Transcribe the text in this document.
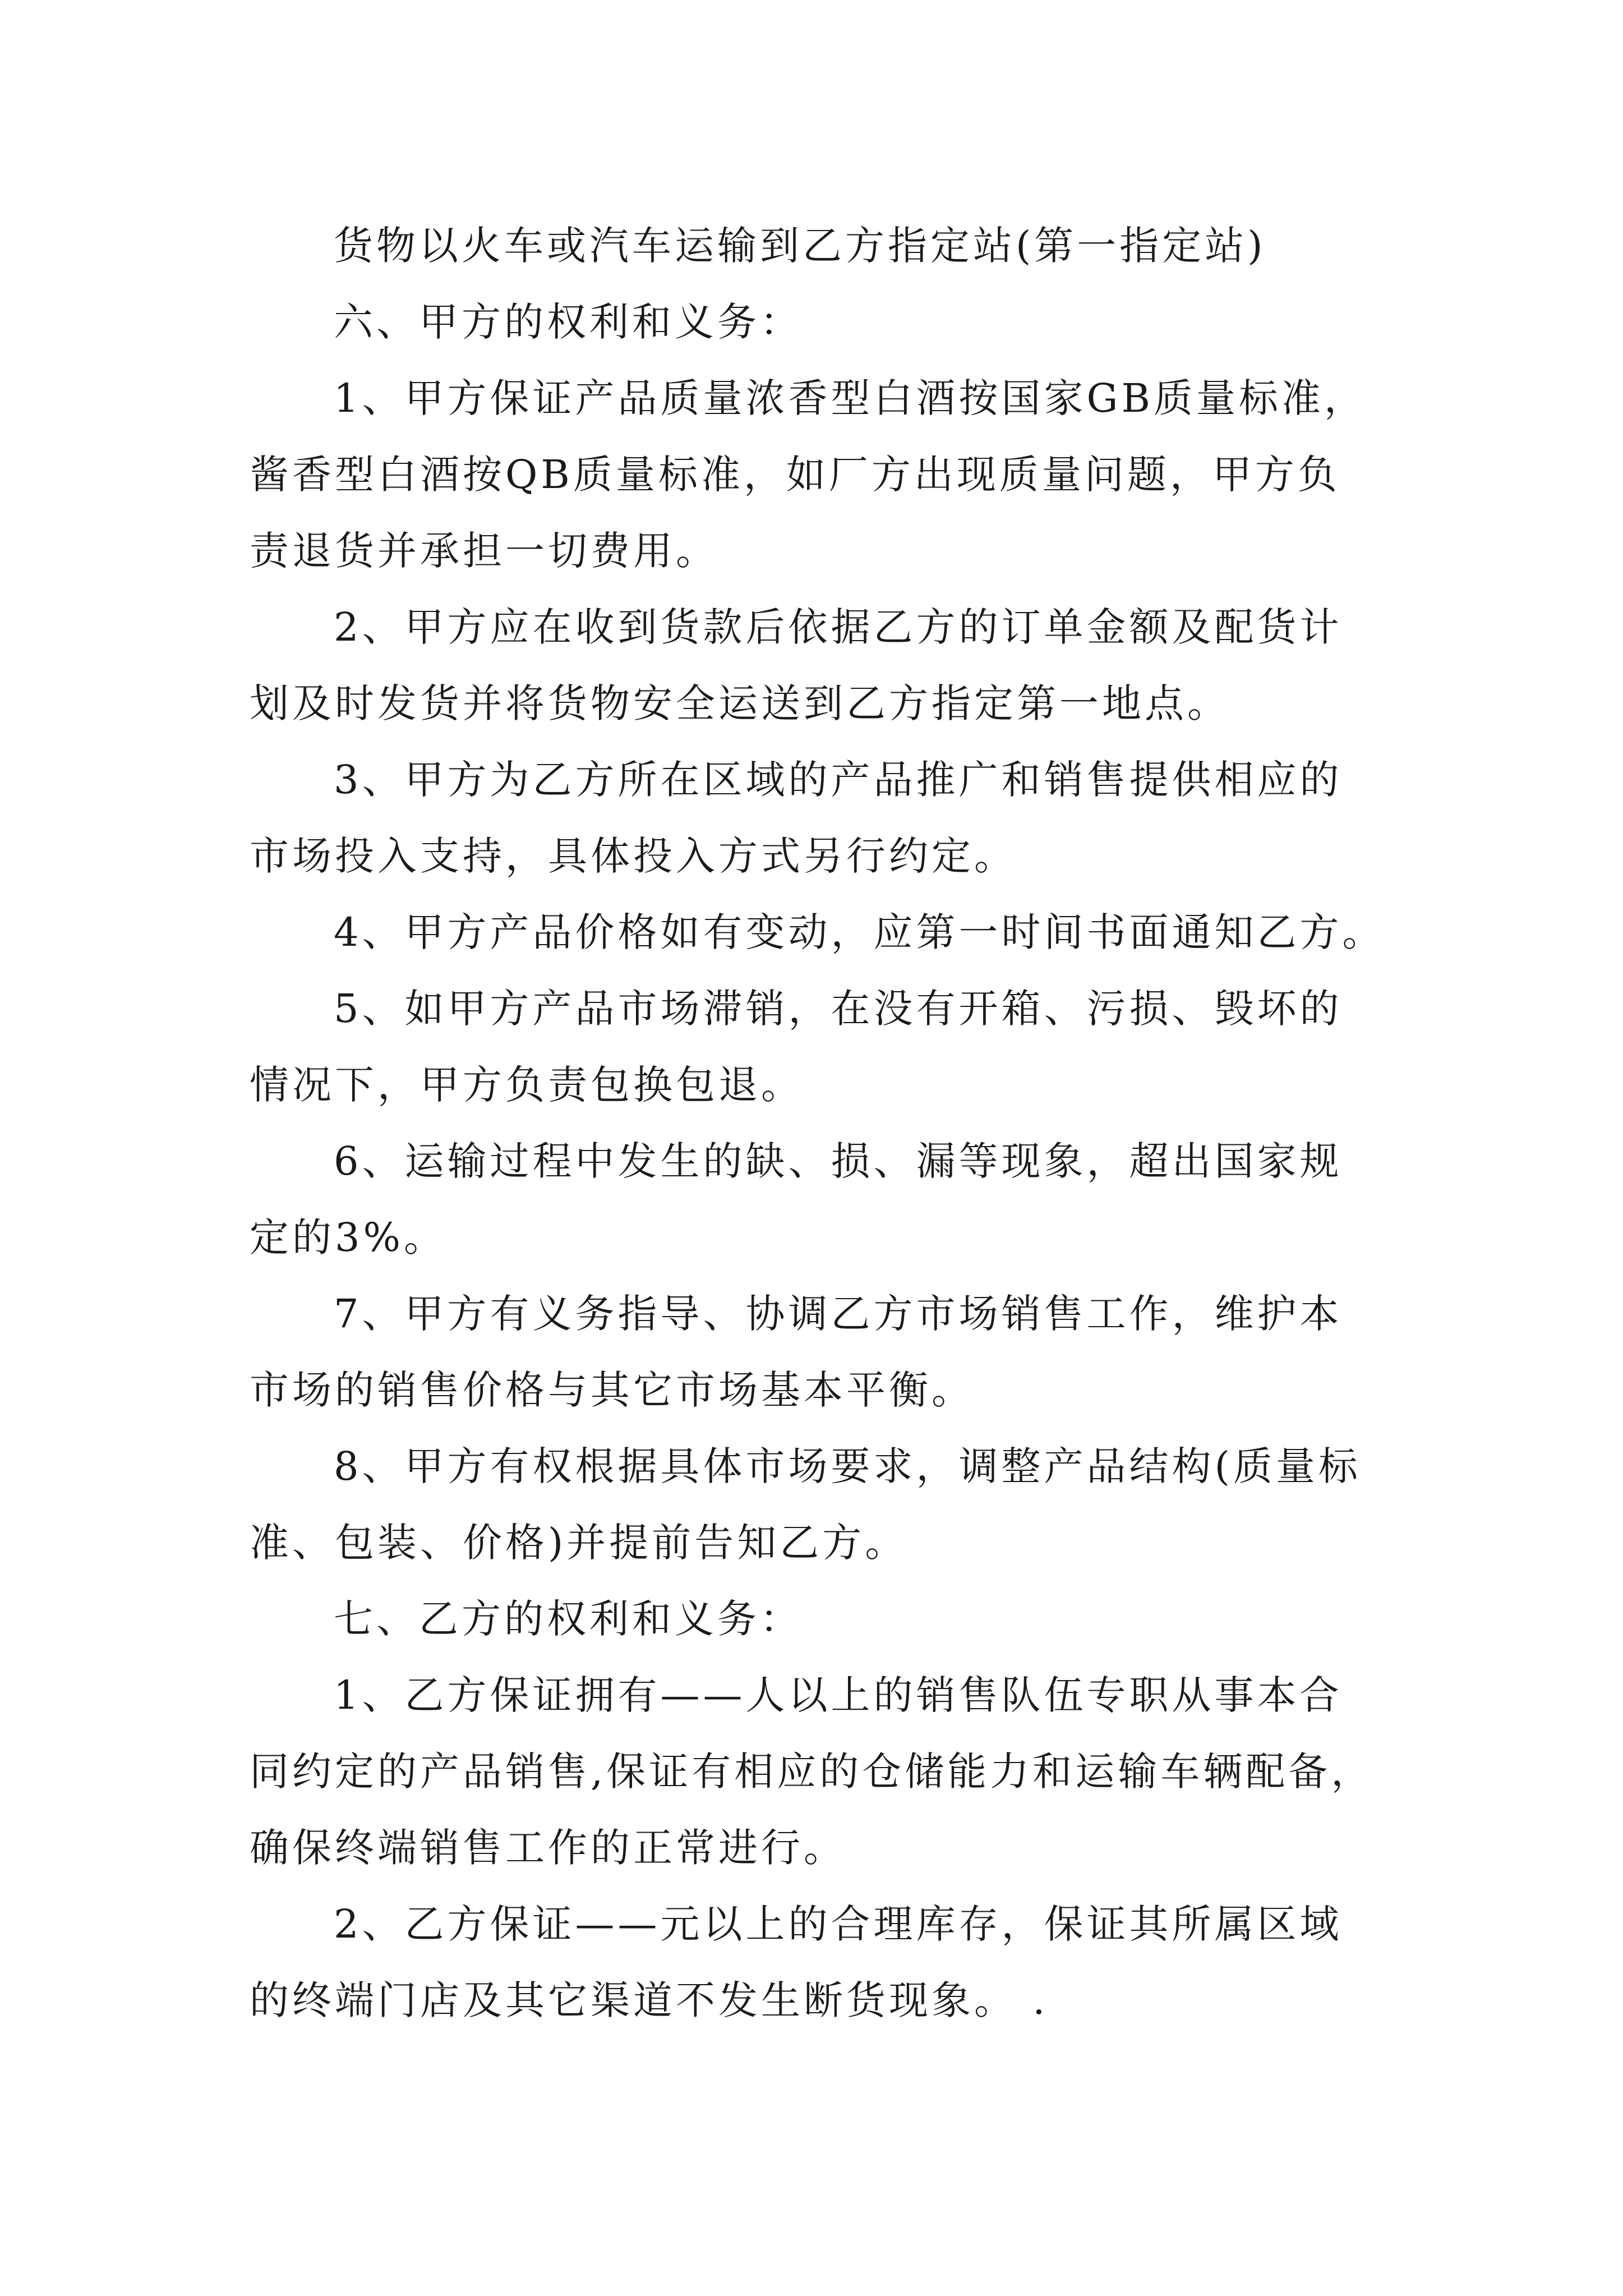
货物以火车或汽车运输到乙方指定站(第一指定站)
六、甲方的权利和义务：
1、甲方保证产品质量浓香型白酒按国家GB质量标准，
酱香型白酒按QB质量标准，如厂方出现质量问题，甲方负
责退货并承担一切费用。
2、甲方应在收到货款后依据乙方的订单金额及配货计
划及时发货并将货物安全运送到乙方指定第一地点。
3、甲方为乙方所在区域的产品推广和销售提供相应的
市场投入支持，具体投入方式另行约定。
4、甲方产品价格如有变动，应第一时间书面通知乙方。
5、如甲方产品市场滞销，在没有开箱、污损、毁坏的
情况下，甲方负责包换包退。
6、运输过程中发生的缺、损、漏等现象，超出国家规
定的3%。
7、甲方有义务指导、协调乙方市场销售工作，维护本
市场的销售价格与其它市场基本平衡。
8、甲方有权根据具体市场要求，调整产品结构(质量标
准、包装、价格)并提前告知乙方。
七、乙方的权利和义务：
1、乙方保证拥有——人以上的销售队伍专职从事本合
同约定的产品销售,保证有相应的仓储能力和运输车辆配备，
确保终端销售工作的正常进行。
2、乙方保证——元以上的合理库存，保证其所属区域
的终端门店及其它渠道不发生断货现象。 .
